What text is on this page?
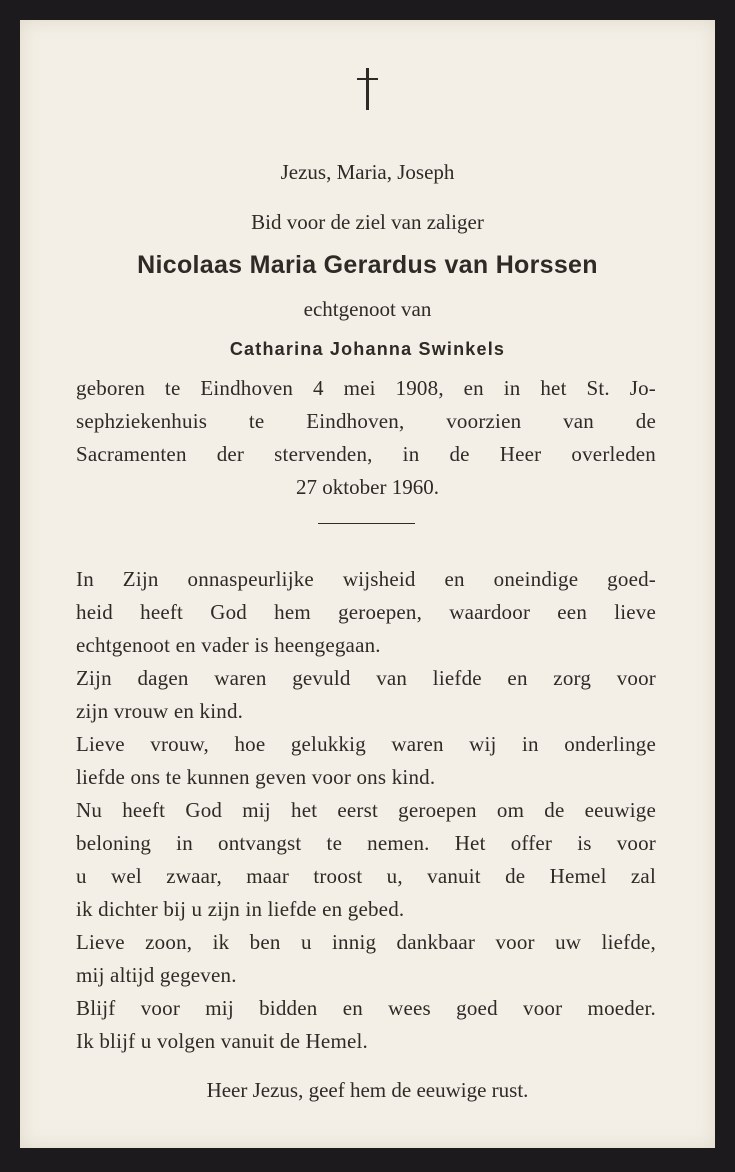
Jezus, Maria, Joseph
Bid voor de ziel van zaliger
Nicolaas Maria Gerardus van Horssen
echtgenoot van
Catharina Johanna Swinkels
geboren te Eindhoven 4 mei 1908, en in het St. Jo-
sephziekenhuis te Eindhoven, voorzien van de
Sacramenten der stervenden, in de Heer overleden
27 oktober 1960.
In Zijn onnaspeurlijke wijsheid en oneindige goed-
heid heeft God hem geroepen, waardoor een lieve
echtgenoot en vader is heengegaan.
Zijn dagen waren gevuld van liefde en zorg voor
zijn vrouw en kind.
Lieve vrouw, hoe gelukkig waren wij in onderlinge
liefde ons te kunnen geven voor ons kind.
Nu heeft God mij het eerst geroepen om de eeuwige
beloning in ontvangst te nemen. Het offer is voor
u wel zwaar, maar troost u, vanuit de Hemel zal
ik dichter bij u zijn in liefde en gebed.
Lieve zoon, ik ben u innig dankbaar voor uw liefde,
mij altijd gegeven.
Blijf voor mij bidden en wees goed voor moeder.
Ik blijf u volgen vanuit de Hemel.
Heer Jezus, geef hem de eeuwige rust.
